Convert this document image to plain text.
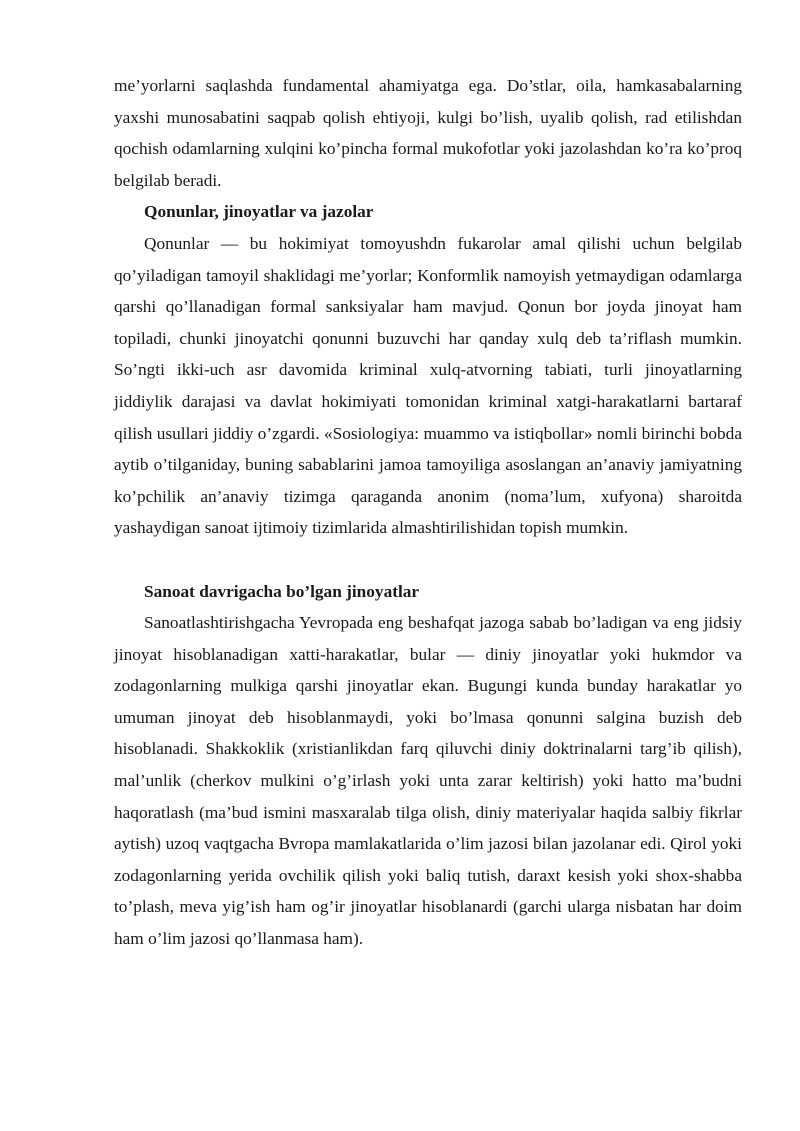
me’yorlarni saqlashda fundamental ahamiyatga ega. Do’stlar, oila, hamkasabalarning yaxshi munosabatini saqpab qolish ehtiyoji, kulgi bo’lish, uyalib qolish, rad etilishdan qochish odamlarning xulqini ko’pincha formal mukofotlar yoki jazolashdan ko’ra ko’proq belgilab beradi.

Qonunlar, jinoyatlar va jazolar

Qonunlar — bu hokimiyat tomoyushdn fukarolar amal qilishi uchun belgilab qo’yiladigan tamoyil shaklidagi me’yorlar; Konformlik namoyish yetmaydigan odamlarga qarshi qo’llanadigan formal sanksiyalar ham mavjud. Qonun bor joyda jinoyat ham topiladi, chunki jinoyatchi qonunni buzuvchi har qanday xulq deb ta’riflash mumkin. So’ngti ikki-uch asr davomida kriminal xulq-atvorning tabiati, turli jinoyatlarning jiddiylik darajasi va davlat hokimiyati tomonidan kriminal xatgi-harakatlarni bartaraf qilish usullari jiddiy o’zgardi. «Sosiologiya: muammo va istiqbollar» nomli birinchi bobda aytib o’tilganiday, buning sabablarini jamoa tamoyiliga asoslangan an’anaviy jamiyatning ko’pchilik an’anaviy tizimga qaraganda anonim (noma’lum, xufyona) sharoitda yashaydigan sanoat ijtimoiy tizimlarida almashtirilishidan topish mumkin.

Sanoat davrigacha bo’lgan jinoyatlar

Sanoatlashtirishgacha Yevropada eng beshafqat jazoga sabab bo’ladigan va eng jidsiy jinoyat hisoblanadigan xatti-harakatlar, bular — diniy jinoyatlar yoki hukmdor va zodagonlarning mulkiga qarshi jinoyatlar ekan. Bugungi kunda bunday harakatlar yo umuman jinoyat deb hisoblanmaydi, yoki bo’lmasa qonunni salgina buzish deb hisoblanadi. Shakkoklik (xristianlikdan farq qiluvchi diniy doktrinalarni targ’ib qilish), mal’unlik (cherkov mulkini o’g’irlash yoki unta zarar keltirish) yoki hatto ma’budni haqoratlash (ma’bud ismini masxaralab tilga olish, diniy materiyalar haqida salbiy fikrlar aytish) uzoq vaqtgacha Bvropa mamlakatlarida o’lim jazosi bilan jazolanar edi. Qirol yoki zodagonlarning yerida ovchilik qilish yoki baliq tutish, daraxt kesish yoki shox-shabba to’plash, meva yig’ish ham og’ir jinoyatlar hisoblanardi (garchi ularga nisbatan har doim ham o’lim jazosi qo’llanmasa ham).
